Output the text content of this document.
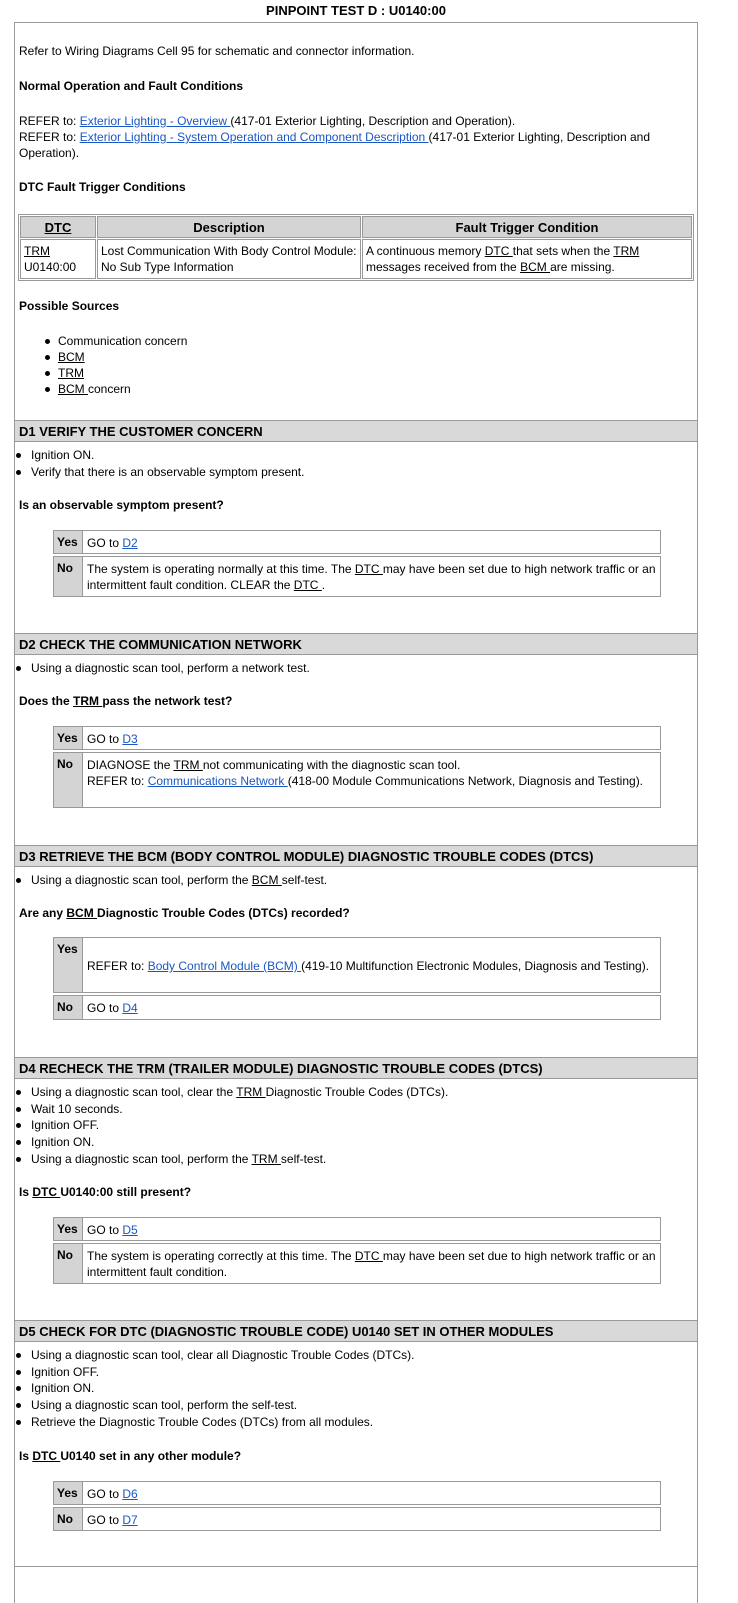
PINPOINT TEST D : U0140:00
Refer to Wiring Diagrams Cell 95 for schematic and connector information.
Normal Operation and Fault Conditions
REFER to: Exterior Lighting - Overview (417-01 Exterior Lighting, Description and Operation).
REFER to: Exterior Lighting - System Operation and Component Description (417-01 Exterior Lighting, Description and Operation).
DTC Fault Trigger Conditions
DTC	Description	Fault Trigger Condition
TRM
U0140:00	Lost Communication With Body Control Module: No Sub Type Information	A continuous memory DTC that sets when the TRM
messages received from the BCM are missing.
Possible Sources
Communication concern
BCM
TRM
BCM concern
D1 VERIFY THE CUSTOMER CONCERN
Ignition ON.
Verify that there is an observable symptom present.
Is an observable symptom present?
Yes GO to D2
No	The system is operating normally at this time. The DTC may have been set due to high network traffic or an intermittent fault condition. CLEAR the DTC .
D2 CHECK THE COMMUNICATION NETWORK
Using a diagnostic scan tool, perform a network test.
Does the TRM pass the network test?
Yes GO to D3
No	DIAGNOSE the TRM not communicating with the diagnostic scan tool.
REFER to: Communications Network (418-00 Module Communications Network, Diagnosis and Testing).
D3 RETRIEVE THE BCM (BODY CONTROL MODULE) DIAGNOSTIC TROUBLE CODES (DTCS)
Using a diagnostic scan tool, perform the BCM self-test.
Are any BCM Diagnostic Trouble Codes (DTCs) recorded?
Yes
REFER to: Body Control Module (BCM) (419-10 Multifunction Electronic Modules, Diagnosis and Testing).
No	GO to D4
D4 RECHECK THE TRM (TRAILER MODULE) DIAGNOSTIC TROUBLE CODES (DTCS)
Using a diagnostic scan tool, clear the TRM Diagnostic Trouble Codes (DTCs).
Wait 10 seconds.
Ignition OFF.
Ignition ON.
Using a diagnostic scan tool, perform the TRM self-test.
Is DTC U0140:00 still present?
Yes GO to D5
No	The system is operating correctly at this time. The DTC may have been set due to high network traffic or an intermittent fault condition.
D5 CHECK FOR DTC (DIAGNOSTIC TROUBLE CODE) U0140 SET IN OTHER MODULES
Using a diagnostic scan tool, clear all Diagnostic Trouble Codes (DTCs).
Ignition OFF.
Ignition ON.
Using a diagnostic scan tool, perform the self-test.
Retrieve the Diagnostic Trouble Codes (DTCs) from all modules.
Is DTC U0140 set in any other module?
Yes GO to D6
No	GO to D7
